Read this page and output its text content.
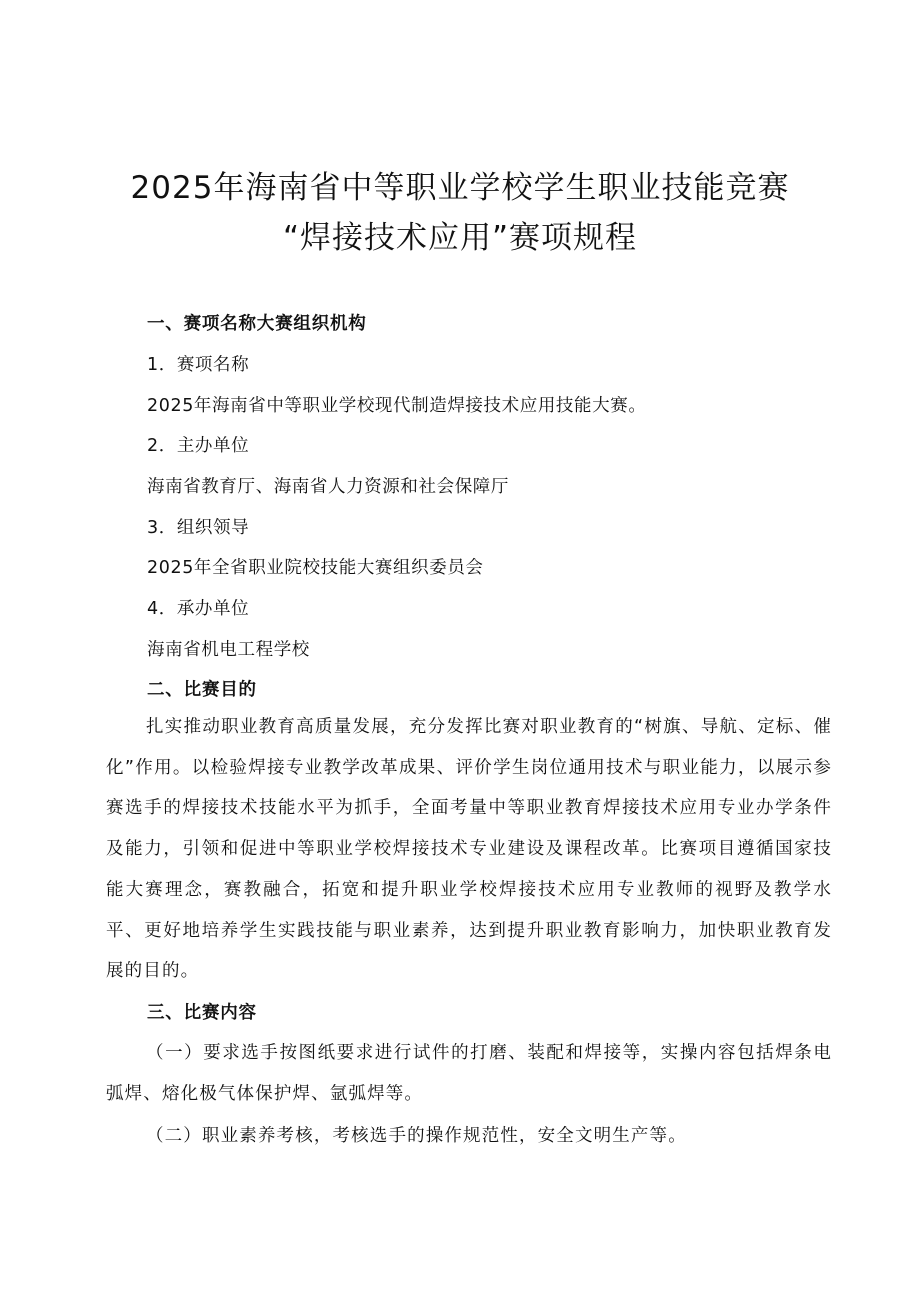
2025年海南省中等职业学校学生职业技能竞赛
“焊接技术应用”赛项规程
一、赛项名称大赛组织机构
1．赛项名称
2025年海南省中等职业学校现代制造焊接技术应用技能大赛。
2．主办单位
海南省教育厅、海南省人力资源和社会保障厅
3．组织领导
2025年全省职业院校技能大赛组织委员会
4．承办单位
海南省机电工程学校
二、比赛目的

扎实推动职业教育高质量发展，充分发挥比赛对职业教育的“树旗、导航、定标、催化”作用。以检验焊接专业教学改革成果、评价学生岗位通用技术与职业能力，以展示参赛选手的焊接技术技能水平为抓手，全面考量中等职业教育焊接技术应用专业办学条件及能力，引领和促进中等职业学校焊接技术专业建设及课程改革。比赛项目遵循国家技能大赛理念，赛教融合，拓宽和提升职业学校焊接技术应用专业教师的视野及教学水平、更好地培养学生实践技能与职业素养，达到提升职业教育影响力，加快职业教育发展的目的。

三、比赛内容

（一）要求选手按图纸要求进行试件的打磨、装配和焊接等，实操内容包括焊条电弧焊、熔化极气体保护焊、氩弧焊等。

（二）职业素养考核，考核选手的操作规范性，安全文明生产等。
